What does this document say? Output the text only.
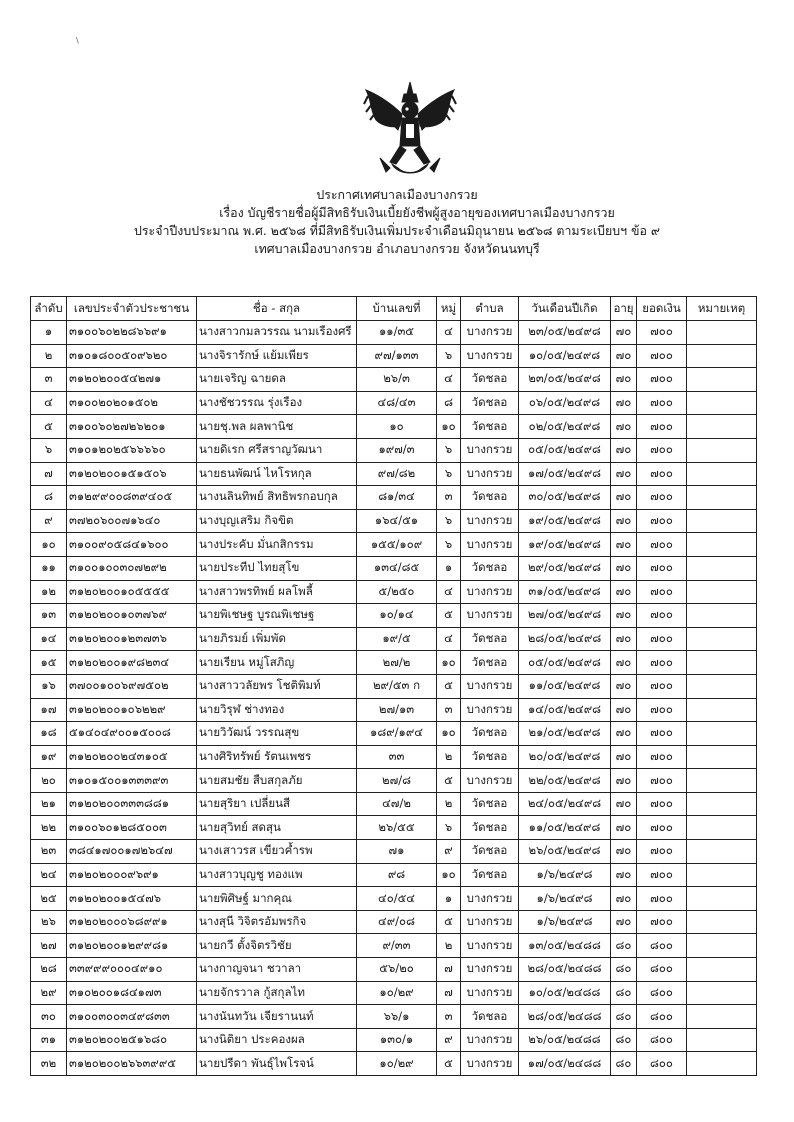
\
ประกาศเทศบาลเมืองบางกรวย
เรื่อง บัญชีรายชื่อผู้มีสิทธิรับเงินเบี้ยยังชีพผู้สูงอายุของเทศบาลเมืองบางกรวย
ประจำปีงบประมาณ พ.ศ. ๒๕๖๘ ที่มีสิทธิรับเงินเพิ่มประจำเดือนมิถุนายน ๒๕๖๘ ตามระเบียบฯ ข้อ ๙
เทศบาลเมืองบางกรวย อำเภอบางกรวย จังหวัดนนทบุรี
ลำดับ	เลขประจำตัวประชาชน	ชื่อ - สกุล	บ้านเลขที่	หมู่	ตำบล	วันเดือนปีเกิด	อายุ	ยอดเงิน	หมายเหตุ
๑	๓๑๐๐๖๐๒๒๘๖๖๙๑	นางสาวกมลวรรณ นามเรืองศรี	๑๑/๓๕	๔	บางกรวย	๒๓/๐๕/๒๔๙๘	๗๐	๗๐๐	
๒	๓๑๐๑๘๐๐๕๐๙๖๒๐	นางจิรารักษ์ แย้มเพียร	๙๗/๑๓๓	๖	บางกรวย	๑๐/๐๕/๒๔๙๘	๗๐	๗๐๐	
๓	๓๑๒๐๒๐๐๕๔๒๗๑	นายเจริญ ฉายดล	๒๖/๓	๔	วัดชลอ	๒๓/๐๕/๒๔๙๘	๗๐	๗๐๐	
๔	๓๑๐๐๒๐๒๐๑๕๐๒	นางชัชวรรณ รุ่งเรือง	๔๘/๔๓	๘	วัดชลอ	๐๖/๐๕/๒๔๙๘	๗๐	๗๐๐	
๕	๓๑๐๐๖๐๒๗๒๖๒๐๑	นายชุ.พล ผลพานิช	๑๐	๑๐	วัดชลอ	๐๒/๐๕/๒๔๙๘	๗๐	๗๐๐	
๖	๓๑๐๑๒๐๒๕๖๖๖๖๐	นายดิเรก ศรีสราญวัฒนา	๑๙๗/๓	๖	บางกรวย	๐๕/๐๕/๒๔๙๘	๗๐	๗๐๐	
๗	๓๑๒๐๒๐๐๑๕๑๕๐๖	นายธนพัฒน์ ไหโรหกุล	๙๗/๘๒	๖	บางกรวย	๑๗/๐๕/๒๔๙๘	๗๐	๗๐๐	
๘	๓๑๒๙๙๐๐๘๓๙๔๐๕	นางนลินทิพย์ สิทธิพรกอบกุล	๘๑/๓๔	๓	วัดชลอ	๓๐/๐๕/๒๔๙๘	๗๐	๗๐๐	
๙	๓๗๒๐๖๐๐๗๑๖๔๐	นางบุญเสริม กิจขิต	๑๖๔/๕๑	๖	บางกรวย	๑๙/๐๕/๒๔๙๘	๗๐	๗๐๐	
๑๐	๓๑๐๐๙๐๕๘๔๑๖๐๐	นางประคับ มั่นกสิกรรม	๑๕๕/๑๐๙	๖	บางกรวย	๑๙/๐๕/๒๔๙๘	๗๐	๗๐๐	
๑๑	๓๑๐๐๑๐๐๓๐๗๒๙๒	นายประทีป ไทยสุโข	๑๓๔/๘๕	๑	วัดชลอ	๒๙/๐๕/๒๔๙๘	๗๐	๗๐๐	
๑๒	๓๑๒๐๒๐๐๑๐๕๕๕๕	นางสาวพรทิพย์ ผลโพลี้	๕/๒๕๐	๔	บางกรวย	๓๑/๐๕/๒๔๙๘	๗๐	๗๐๐	
๑๓	๓๑๒๐๒๐๐๑๐๓๗๖๙	นายพิเชษฐ บูรณพิเชษฐ	๑๐/๑๔	๕	บางกรวย	๒๗/๐๕/๒๔๙๘	๗๐	๗๐๐	
๑๔	๓๑๒๐๒๐๐๑๒๓๗๓๖	นายภิรมย์ เพิ่มพัด	๑๙/๕	๔	วัดชลอ	๒๘/๐๕/๒๔๙๘	๗๐	๗๐๐	
๑๕	๓๑๒๐๒๐๐๑๙๘๒๓๔	นายเรียน หมู่โสภิญ	๒๗/๒	๑๐	วัดชลอ	๐๕/๐๕/๒๔๙๘	๗๐	๗๐๐	
๑๖	๓๗๐๐๑๐๐๖๙๗๕๐๒	นางสาววลัยพร โชติพิมท์	๒๙/๕๓ ก	๕	บางกรวย	๑๑/๐๕/๒๔๙๘	๗๐	๗๐๐	
๑๗	๓๑๒๐๒๐๐๑๐๖๒๒๙	นายวิรุฬ ช่างทอง	๒๗/๑๓	๓	บางกรวย	๑๔/๐๕/๒๔๙๘	๗๐	๗๐๐	
๑๘	๕๑๔๐๔๙๐๐๑๕๐๐๘	นายวิวัฒน์ วรรณสุข	๑๘๙/๑๙๔	๑๐	วัดชลอ	๒๑/๐๕/๒๔๙๘	๗๐	๗๐๐	
๑๙	๓๑๒๐๒๐๐๒๔๓๑๐๕	นางศิริทรัพย์ รัตนเพชร	๓๓	๒	วัดชลอ	๒๐/๐๕/๒๔๙๘	๗๐	๗๐๐	
๒๐	๓๑๐๑๕๐๐๑๓๓๓๙๓	นายสมชัย สืบสกุลภัย	๒๗/๘	๕	บางกรวย	๒๒/๐๕/๒๔๙๘	๗๐	๗๐๐	
๒๑	๓๑๒๐๒๐๐๓๓๓๘๘๑	นายสุริยา เปลี่ยนสี	๔๗/๒	๒	วัดชลอ	๒๔/๐๕/๒๔๙๘	๗๐	๗๐๐	
๒๒	๓๑๐๐๖๐๑๒๘๕๐๐๓	นายสุวิทย์ สดสุน	๒๖/๕๕	๖	วัดชลอ	๑๑/๐๕/๒๔๙๘	๗๐	๗๐๐	
๒๓	๓๘๔๑๗๐๐๑๗๒๖๔๗	นางเสาวรส เขียวค้ำรพ	๗๑	๙	วัดชลอ	๒๖/๐๕/๒๔๙๘	๗๐	๗๐๐	
๒๔	๓๑๒๐๒๐๐๐๙๖๙๑	นางสาวบุญชู ทองแพ	๙๘	๑๐	วัดชลอ	๑/๖/๒๔๙๘	๗๐	๗๐๐	
๒๕	๓๑๒๐๒๐๐๑๕๔๗๖	นายพิศิษฐ์ มากคุณ	๔๐/๕๔	๑	บางกรวย	๑/๖/๒๔๙๘	๗๐	๗๐๐	
๒๖	๓๑๒๐๒๐๐๐๖๘๙๙๑	นางสุนี วิจิตรอัมพรกิจ	๔๙/๐๘	๕	บางกรวย	๑/๖/๒๔๙๘	๗๐	๗๐๐	
๒๗	๓๑๒๐๒๐๐๑๒๙๙๘๑	นายกวี ตั้งจิตรวิชัย	๙/๓๓	๒	บางกรวย	๑๓/๐๕/๒๔๘๘	๘๐	๘๐๐	
๒๘	๓๓๙๙๙๐๐๐๔๙๑๐	นางกาญจนา ชวาลา	๕๖/๒๐	๗	บางกรวย	๒๘/๐๕/๒๔๘๘	๘๐	๘๐๐	
๒๙	๓๑๐๒๐๐๑๘๔๑๗๓	นายจักรวาล กู้สกุลไท	๑๐/๒๙	๗	บางกรวย	๑๐/๐๕/๒๔๘๘	๘๐	๘๐๐	
๓๐	๓๑๐๐๓๐๐๓๔๙๘๓๓	นางนันทวัน เจียรานนท์	๖๖/๑	๓	วัดชลอ	๒๘/๐๕/๒๔๘๘	๘๐	๘๐๐	
๓๑	๓๑๒๐๒๐๐๒๕๑๖๘๐	นางนิติยา ประคองผล	๑๓๐/๑	๙	บางกรวย	๒๖/๐๕/๒๔๘๘	๘๐	๘๐๐	
๓๒	๓๑๒๐๒๐๐๒๖๖๓๙๙๕	นายปรีดา พันธุ์ไพโรจน์	๑๐/๒๙	๕	บางกรวย	๑๗/๐๕/๒๔๘๘	๘๐	๘๐๐	
